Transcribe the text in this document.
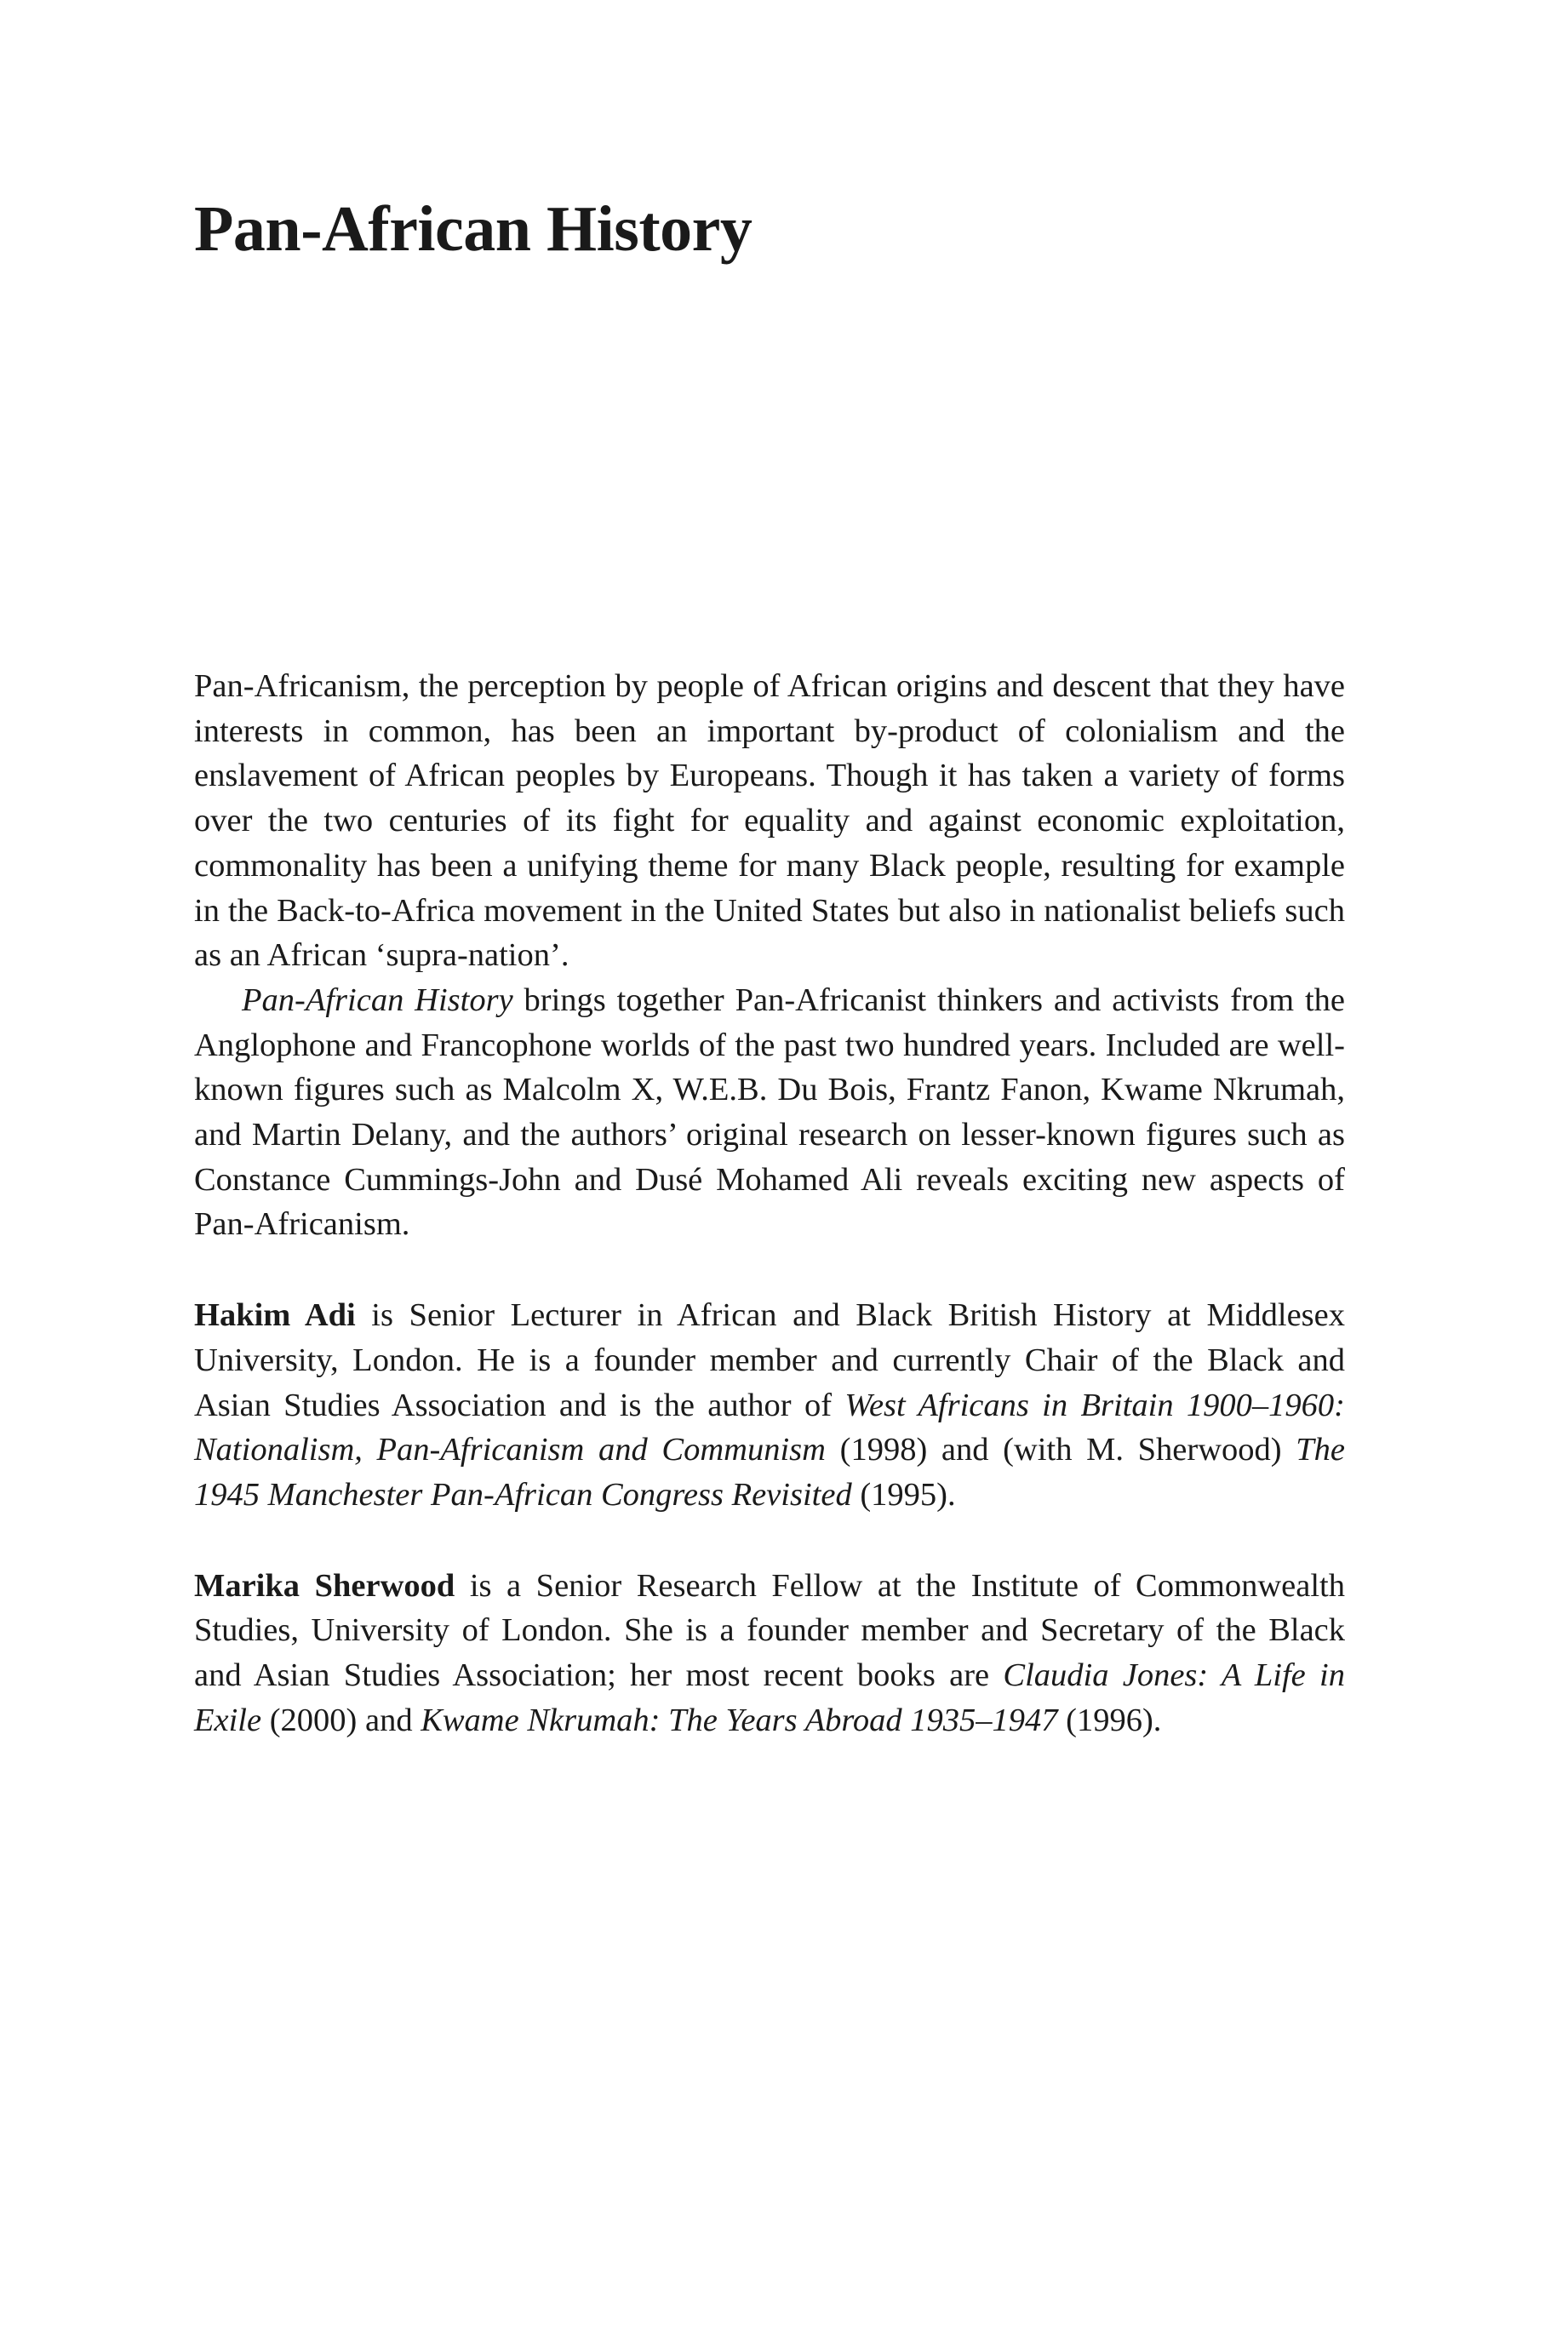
Pan-African History

Pan-Africanism, the perception by people of African origins and descent that they have interests in common, has been an important by-product of colonialism and the enslavement of African peoples by Europeans. Though it has taken a variety of forms over the two centuries of its fight for equality and against economic exploitation, commonality has been a unifying theme for many Black people, resulting for example in the Back-to-Africa movement in the United States but also in nationalist beliefs such as an African ‘supra-nation’.

Pan-African History brings together Pan-Africanist thinkers and activists from the Anglophone and Francophone worlds of the past two hundred years. Included are well-known figures such as Malcolm X, W.E.B. Du Bois, Frantz Fanon, Kwame Nkrumah, and Martin Delany, and the authors’ original research on lesser-known figures such as Constance Cummings-John and Dusé Mohamed Ali reveals exciting new aspects of Pan-Africanism.

Hakim Adi is Senior Lecturer in African and Black British History at Middlesex University, London. He is a founder member and currently Chair of the Black and Asian Studies Association and is the author of West Africans in Britain 1900–1960: Nationalism, Pan-Africanism and Communism (1998) and (with M. Sherwood) The 1945 Manchester Pan-African Congress Revisited (1995).

Marika Sherwood is a Senior Research Fellow at the Institute of Commonwealth Studies, University of London. She is a founder member and Secretary of the Black and Asian Studies Association; her most recent books are Claudia Jones: A Life in Exile (2000) and Kwame Nkrumah: The Years Abroad 1935–1947 (1996).
